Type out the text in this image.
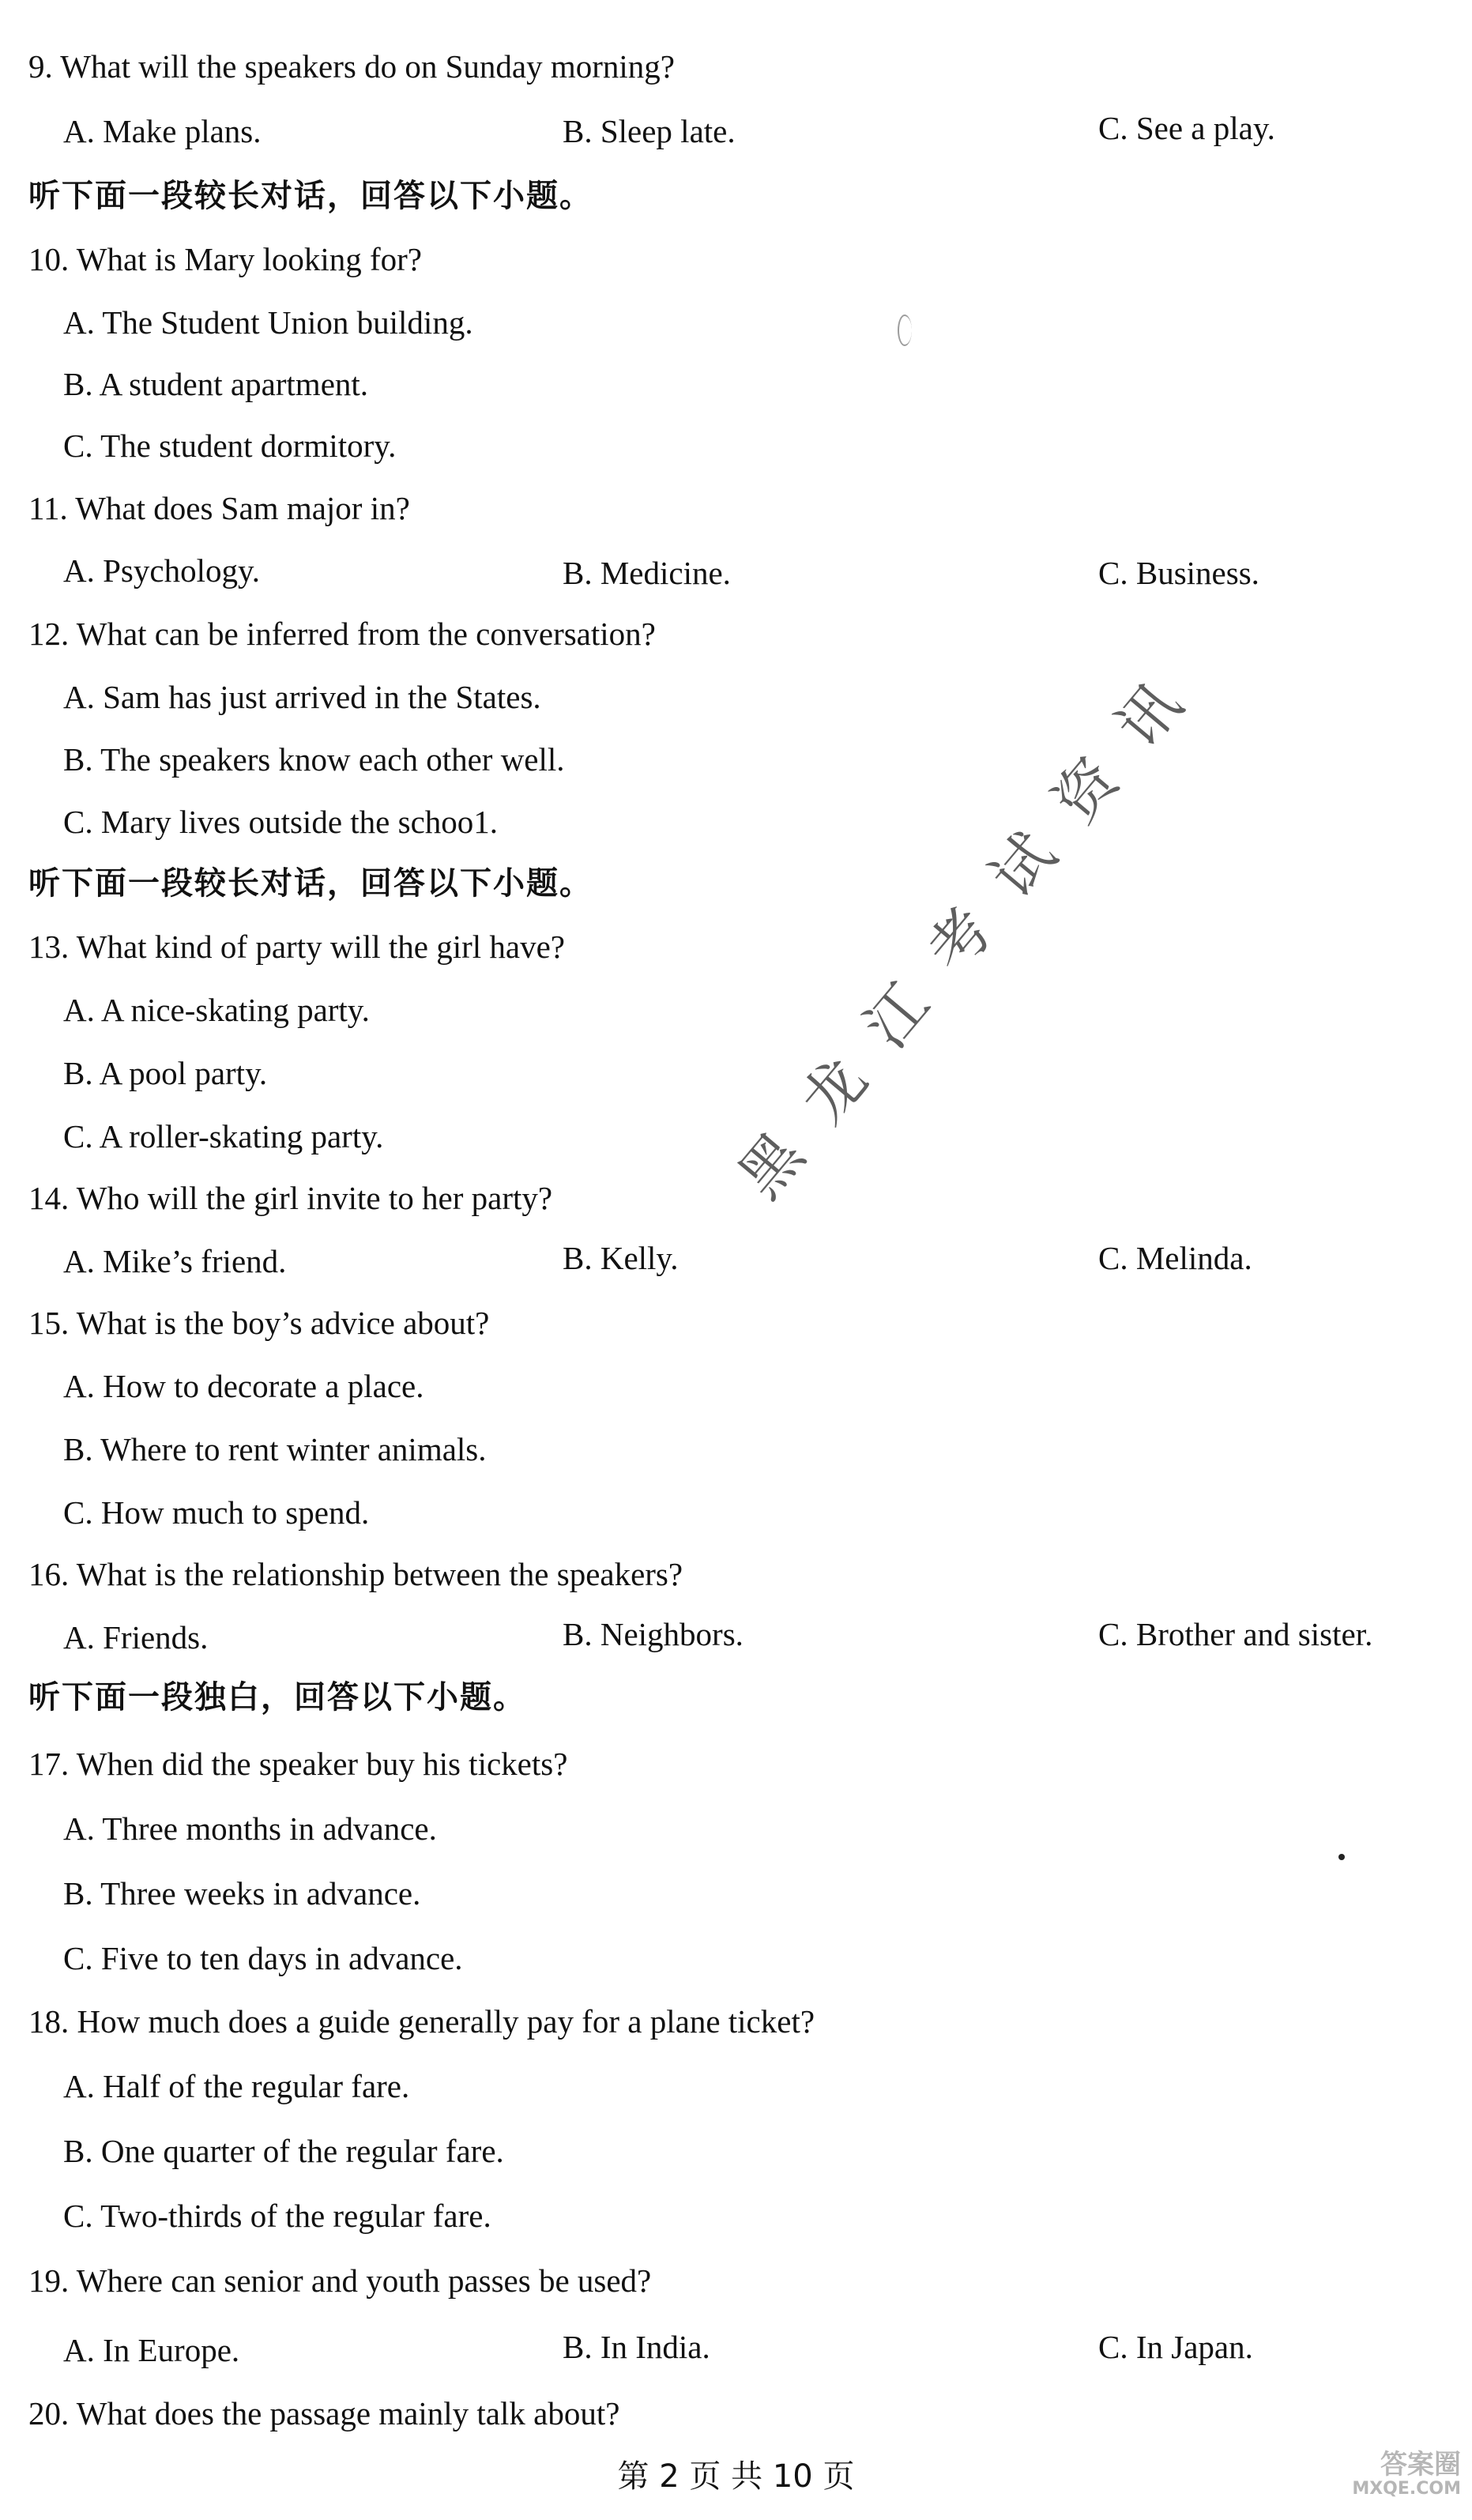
9. What will the speakers do on Sunday morning?
A. Make plans.	B. Sleep late.	C. See a play.
听下面一段较长对话，回答以下小题。
10. What is Mary looking for?
A. The Student Union building.
B. A student apartment.
C. The student dormitory.
11. What does Sam major in?
A. Psychology.	B. Medicine.	C. Business.
12. What can be inferred from the conversation?
A. Sam has just arrived in the States.
B. The speakers know each other well.
C. Mary lives outside the schoo1.
听下面一段较长对话，回答以下小题。
13. What kind of party will the girl have?
A. A nice-skating party.
B. A pool party.
C. A roller-skating party.
14. Who will the girl invite to her party?
A. Mike’s friend.	B. Kelly.	C. Melinda.
15. What is the boy’s advice about?
A. How to decorate a place.
B. Where to rent winter animals.
C. How much to spend.
16. What is the relationship between the speakers?
A. Friends.	B. Neighbors.	C. Brother and sister.
听下面一段独白，回答以下小题。
17. When did the speaker buy his tickets?
A. Three months in advance.
B. Three weeks in advance.
C. Five to ten days in advance.
18. How much does a guide generally pay for a plane ticket?
A. Half of the regular fare.
B. One quarter of the regular fare.
C. Two-thirds of the regular fare.
19. Where can senior and youth passes be used?
A. In Europe.	B. In India.	C. In Japan.
20. What does the passage mainly talk about?
第 2 页 共 10 页
黑龙江考试资讯
答案圈
MXQE.COM
